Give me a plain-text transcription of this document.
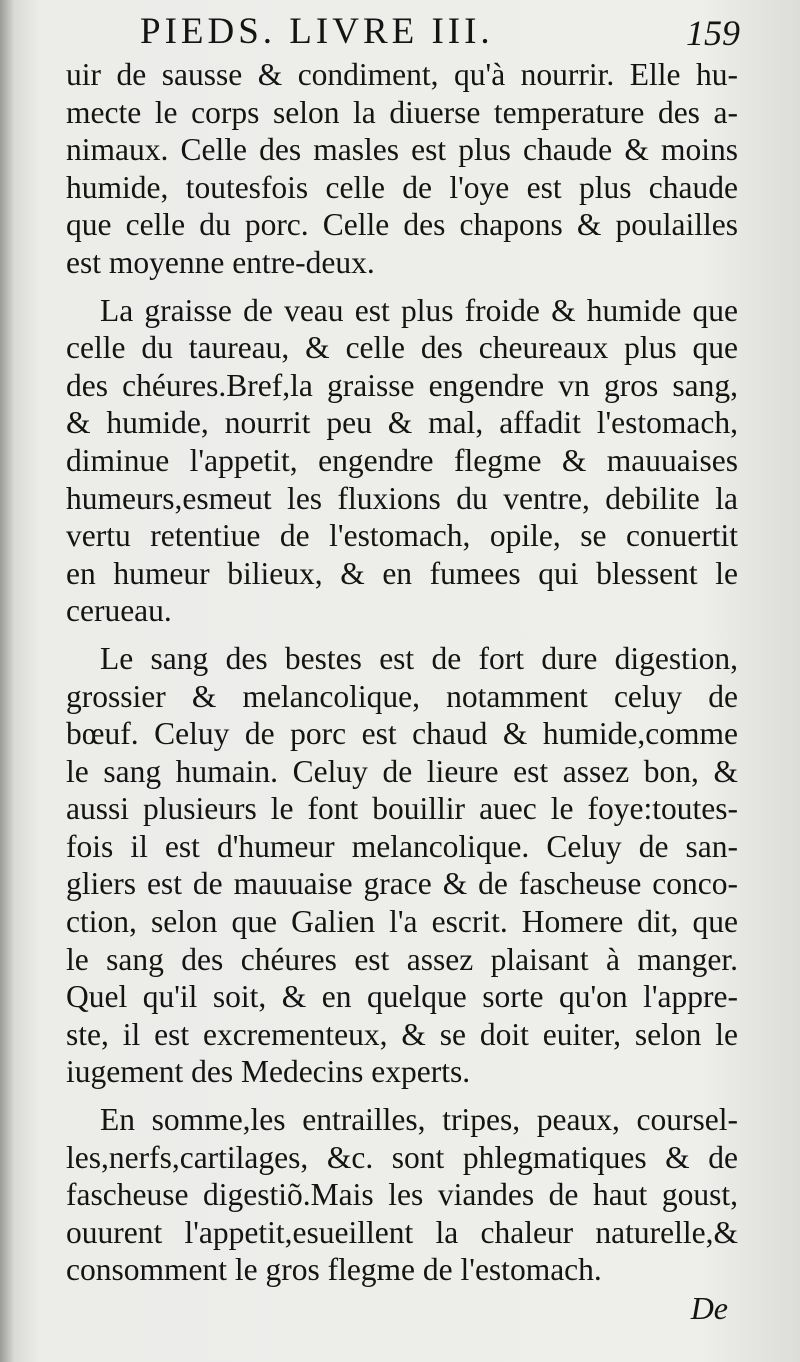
PIEDS. LIVRE III.	159
uir de sausse & condiment, qu'à nourrir. Elle hu-
mecte le corps selon la diuerse temperature des a-
nimaux. Celle des masles est plus chaude & moins
humide, toutesfois celle de l'oye est plus chaude
que celle du porc. Celle des chapons & poulailles
est moyenne entre-deux.
La graisse de veau est plus froide & humide que
celle du taureau, & celle des cheureaux plus que
des chéures.Bref,la graisse engendre vn gros sang,
& humide, nourrit peu & mal, affadit l'estomach,
diminue l'appetit, engendre flegme & mauuaises
humeurs,esmeut les fluxions du ventre, debilite la
vertu retentiue de l'estomach, opile, se conuertit
en humeur bilieux, & en fumees qui blessent le
cerueau.
Le sang des bestes est de fort dure digestion,
grossier & melancolique, notamment celuy de
bœuf. Celuy de porc est chaud & humide,comme
le sang humain. Celuy de lieure est assez bon, &
aussi plusieurs le font bouillir auec le foye:toutes-
fois il est d'humeur melancolique. Celuy de san-
gliers est de mauuaise grace & de fascheuse conco-
ction, selon que Galien l'a escrit. Homere dit, que
le sang des chéures est assez plaisant à manger.
Quel qu'il soit, & en quelque sorte qu'on l'appre-
ste, il est excrementeux, & se doit euiter, selon le
iugement des Medecins experts.
En somme,les entrailles, tripes, peaux, coursel-
les,nerfs,cartilages, &c. sont phlegmatiques & de
fascheuse digestiõ.Mais les viandes de haut goust,
ouurent l'appetit,esueillent la chaleur naturelle,&
consomment le gros flegme de l'estomach.
De
